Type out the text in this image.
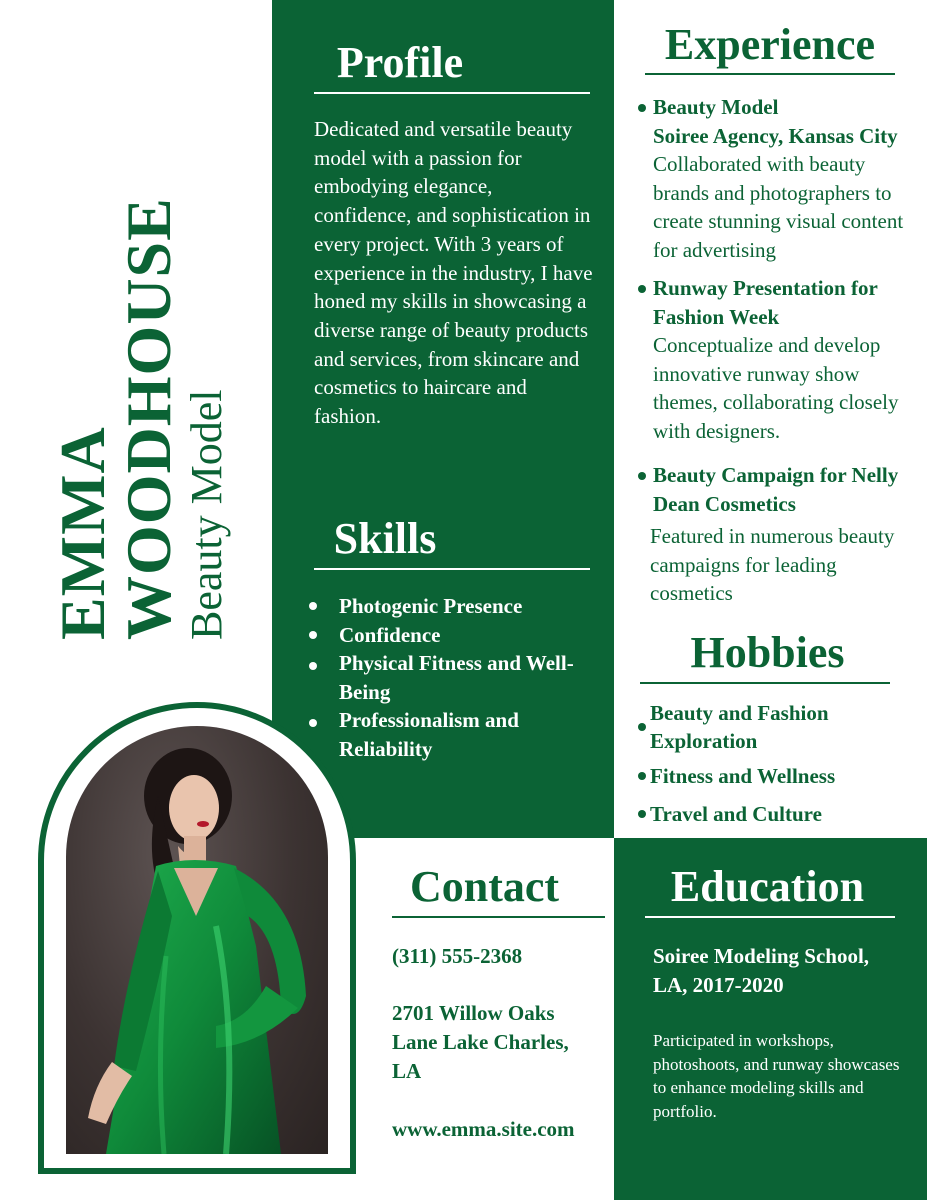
EMMA
WOODHOUSE
Beauty Model
Profile
Dedicated and versatile beauty model with a passion for embodying elegance, confidence, and sophistication in every project. With 3 years of experience in the industry, I have honed my skills in showcasing a diverse range of beauty products and services, from skincare and cosmetics to haircare and fashion.
Skills
Photogenic Presence
Confidence
Physical Fitness and Well-Being
Professionalism and Reliability
Experience
Beauty Model
Soiree Agency, Kansas City
Collaborated with beauty brands and photographers to create stunning visual content for advertising
Runway Presentation for Fashion Week
Conceptualize and develop innovative runway show themes, collaborating closely with designers.
Beauty Campaign for Nelly Dean Cosmetics
Featured in numerous beauty campaigns for leading cosmetics
Hobbies
Beauty and Fashion Exploration
Fitness and Wellness
Travel and Culture
Contact
(311) 555-2368
2701 Willow Oaks Lane Lake Charles, LA
www.emma.site.com
Education
Soiree Modeling School, LA, 2017-2020
Participated in workshops, photoshoots, and runway showcases to enhance modeling skills and portfolio.
